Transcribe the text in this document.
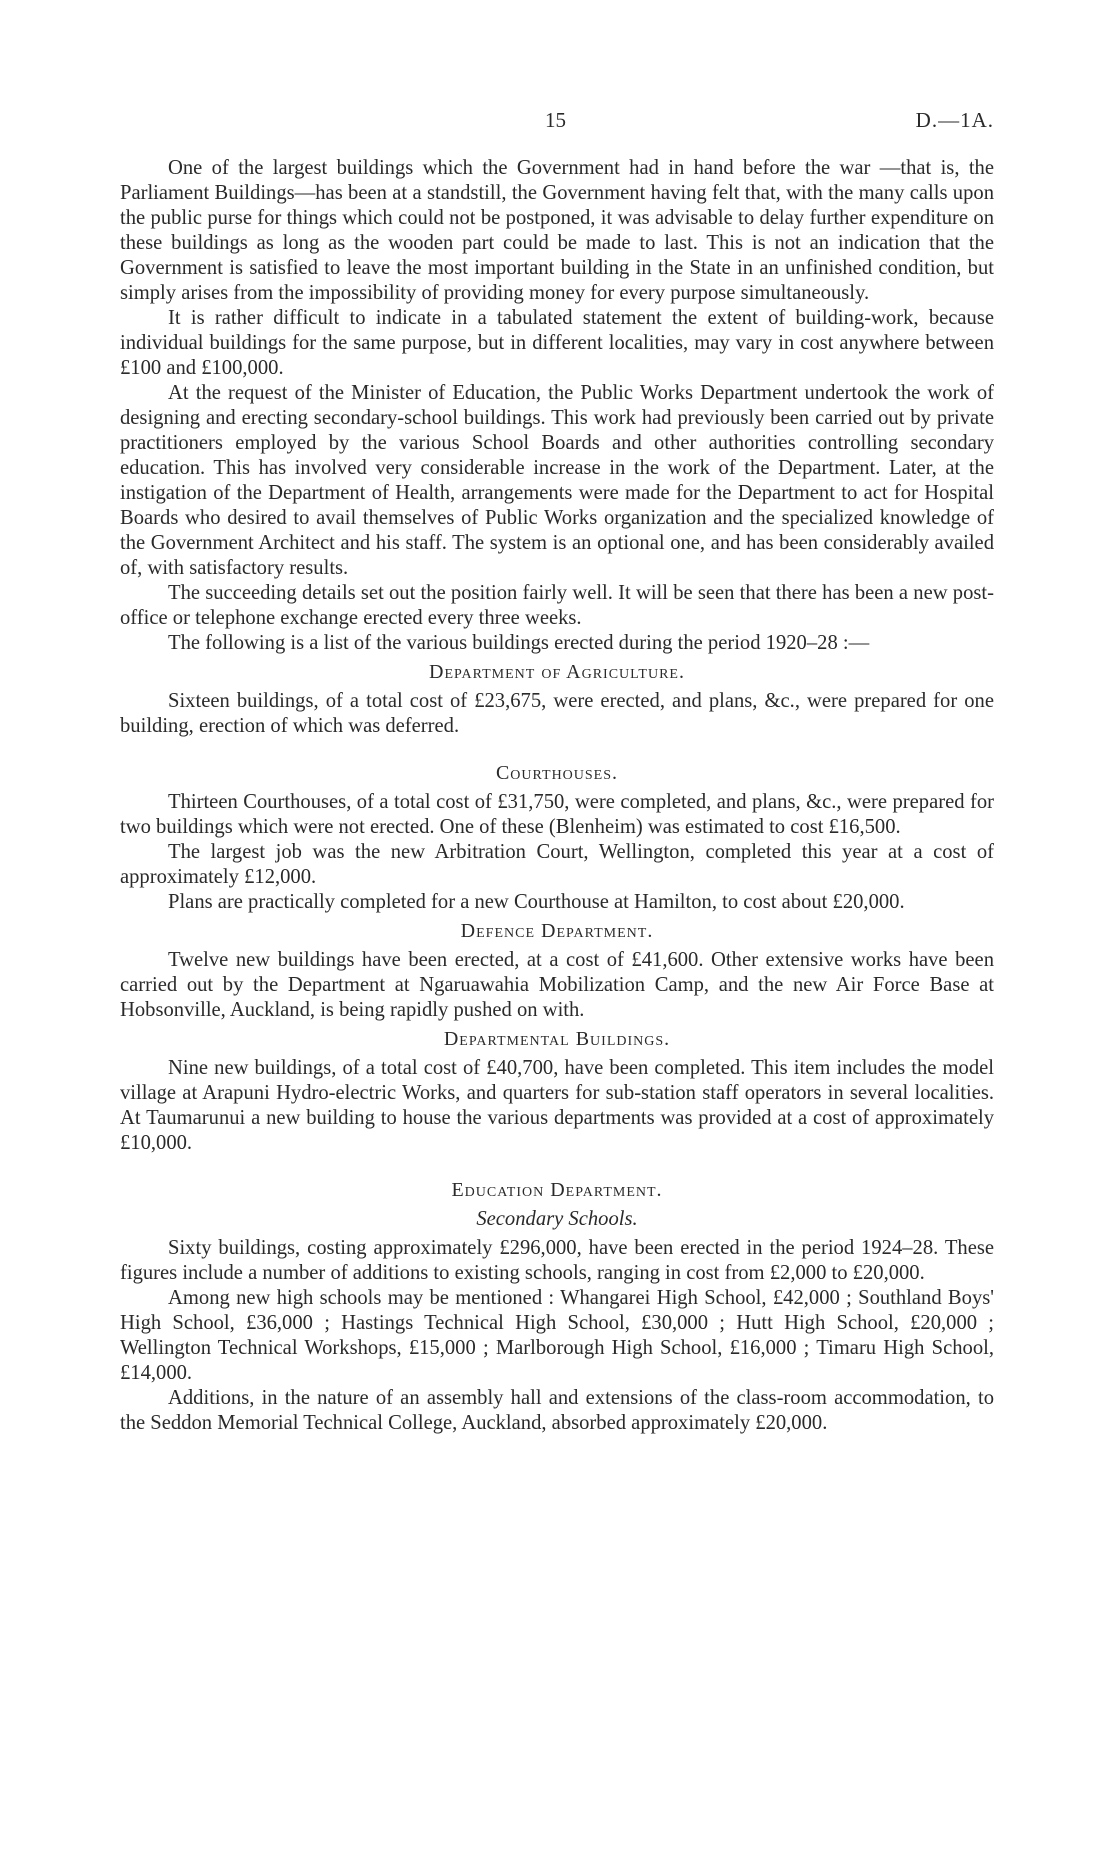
15	D.—1A.

One of the largest buildings which the Government had in hand before the war —that is, the Parliament Buildings—has been at a standstill, the Government having felt that, with the many calls upon the public purse for things which could not be postponed, it was advisable to delay further expenditure on these buildings as long as the wooden part could be made to last. This is not an indication that the Government is satisfied to leave the most important building in the State in an unfinished condition, but simply arises from the impossibility of providing money for every purpose simultaneously.

It is rather difficult to indicate in a tabulated statement the extent of building-work, because individual buildings for the same purpose, but in different localities, may vary in cost anywhere between £100 and £100,000.

At the request of the Minister of Education, the Public Works Department undertook the work of designing and erecting secondary-school buildings. This work had previously been carried out by private practitioners employed by the various School Boards and other authorities controlling secondary education. This has involved very considerable increase in the work of the Department. Later, at the instigation of the Department of Health, arrangements were made for the Department to act for Hospital Boards who desired to avail themselves of Public Works organization and the specialized knowledge of the Government Architect and his staff. The system is an optional one, and has been considerably availed of, with satisfactory results.

The succeeding details set out the position fairly well. It will be seen that there has been a new post-office or telephone exchange erected every three weeks.

The following is a list of the various buildings erected during the period 1920–28 :—

Department of Agriculture.

Sixteen buildings, of a total cost of £23,675, were erected, and plans, &c., were prepared for one building, erection of which was deferred.

Courthouses.

Thirteen Courthouses, of a total cost of £31,750, were completed, and plans, &c., were prepared for two buildings which were not erected. One of these (Blenheim) was estimated to cost £16,500.

The largest job was the new Arbitration Court, Wellington, completed this year at a cost of approximately £12,000.

Plans are practically completed for a new Courthouse at Hamilton, to cost about £20,000.

Defence Department.

Twelve new buildings have been erected, at a cost of £41,600. Other extensive works have been carried out by the Department at Ngaruawahia Mobilization Camp, and the new Air Force Base at Hobsonville, Auckland, is being rapidly pushed on with.

Departmental Buildings.

Nine new buildings, of a total cost of £40,700, have been completed. This item includes the model village at Arapuni Hydro-electric Works, and quarters for sub-station staff operators in several localities. At Taumarunui a new building to house the various departments was provided at a cost of approximately £10,000.

Education Department.
Secondary Schools.

Sixty buildings, costing approximately £296,000, have been erected in the period 1924–28. These figures include a number of additions to existing schools, ranging in cost from £2,000 to £20,000.

Among new high schools may be mentioned : Whangarei High School, £42,000 ; Southland Boys' High School, £36,000 ; Hastings Technical High School, £30,000 ; Hutt High School, £20,000 ; Wellington Technical Workshops, £15,000 ; Marlborough High School, £16,000 ; Timaru High School, £14,000.

Additions, in the nature of an assembly hall and extensions of the class-room accommodation, to the Seddon Memorial Technical College, Auckland, absorbed approximately £20,000.
